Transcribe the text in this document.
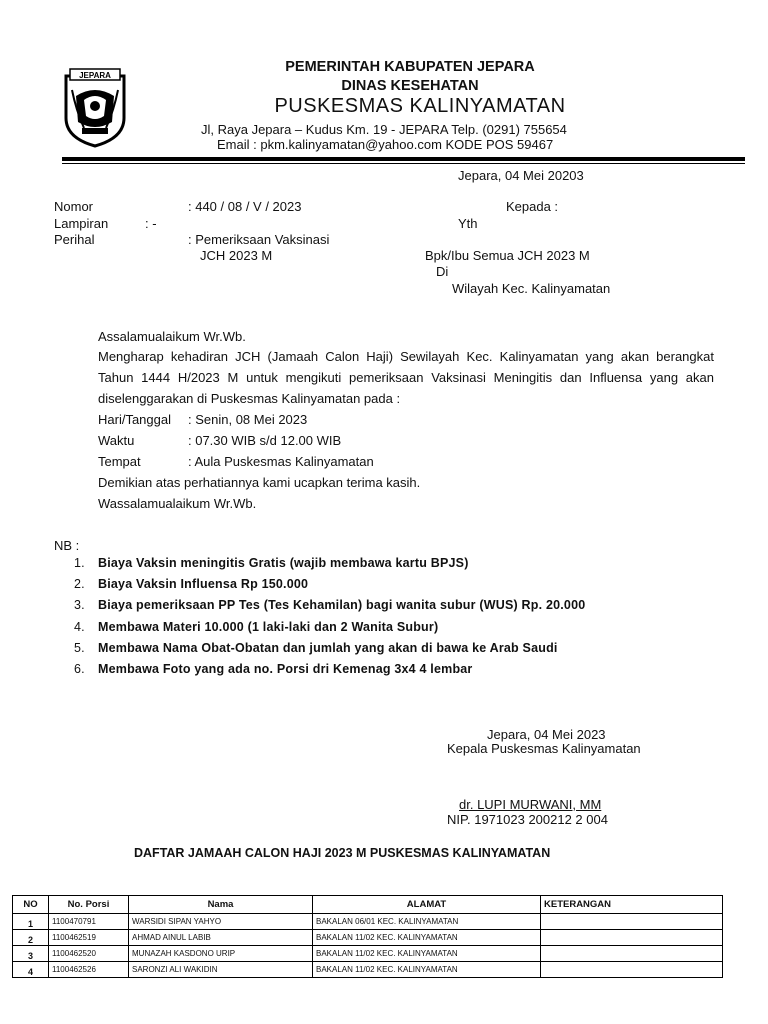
JEPARA
PEMERINTAH KABUPATEN JEPARA
DINAS KESEHATAN
PUSKESMAS KALINYAMATAN
Jl, Raya Jepara – Kudus Km. 19 - JEPARA Telp. (0291) 755654
Email : pkm.kalinyamatan@yahoo.com KODE POS 59467
Jepara, 04 Mei 20203
Nomor	: 440 / 08 / V / 2023
Lampiran	: -
Perihal	: Pemeriksaan Vaksinasi
JCH 2023 M
Kepada :
Yth
Bpk/Ibu Semua JCH 2023 M
Di
Wilayah Kec. Kalinyamatan
Assalamualaikum Wr.Wb.
Mengharap kehadiran JCH (Jamaah Calon Haji) Sewilayah Kec. Kalinyamatan yang akan berangkat Tahun 1444 H/2023 M untuk mengikuti pemeriksaan Vaksinasi Meningitis dan Influensa yang akan diselenggarakan di Puskesmas Kalinyamatan pada :
Hari/Tanggal : Senin, 08 Mei 2023
Waktu	: 07.30 WIB s/d 12.00 WIB
Tempat	: Aula Puskesmas Kalinyamatan
Demikian atas perhatiannya kami ucapkan terima kasih.
Wassalamualaikum Wr.Wb.
NB :
1. Biaya Vaksin meningitis Gratis (wajib membawa kartu BPJS)
2. Biaya Vaksin Influensa Rp 150.000
3. Biaya pemeriksaan PP Tes (Tes Kehamilan) bagi wanita subur (WUS) Rp. 20.000
4. Membawa Materi 10.000 (1 laki-laki dan 2 Wanita Subur)
5. Membawa Nama Obat-Obatan dan jumlah yang akan di bawa ke Arab Saudi
6. Membawa Foto yang ada no. Porsi dri Kemenag 3x4 4 lembar
Jepara, 04 Mei 2023
Kepala Puskesmas Kalinyamatan
dr. LUPI MURWANI, MM
NIP. 1971023 200212 2 004
DAFTAR JAMAAH CALON HAJI 2023 M PUSKESMAS KALINYAMATAN
NO	No. Porsi	Nama	ALAMAT	KETERANGAN
1	1100470791	WARSIDI SIPAN YAHYO	BAKALAN 06/01 KEC. KALINYAMATAN	
2	1100462519	AHMAD AINUL LABIB	BAKALAN 11/02 KEC. KALINYAMATAN	
3	1100462520	MUNAZAH KASDONO URIP	BAKALAN 11/02 KEC. KALINYAMATAN	
4	1100462526	SARONZI ALI WAKIDIN	BAKALAN 11/02 KEC. KALINYAMATAN	
